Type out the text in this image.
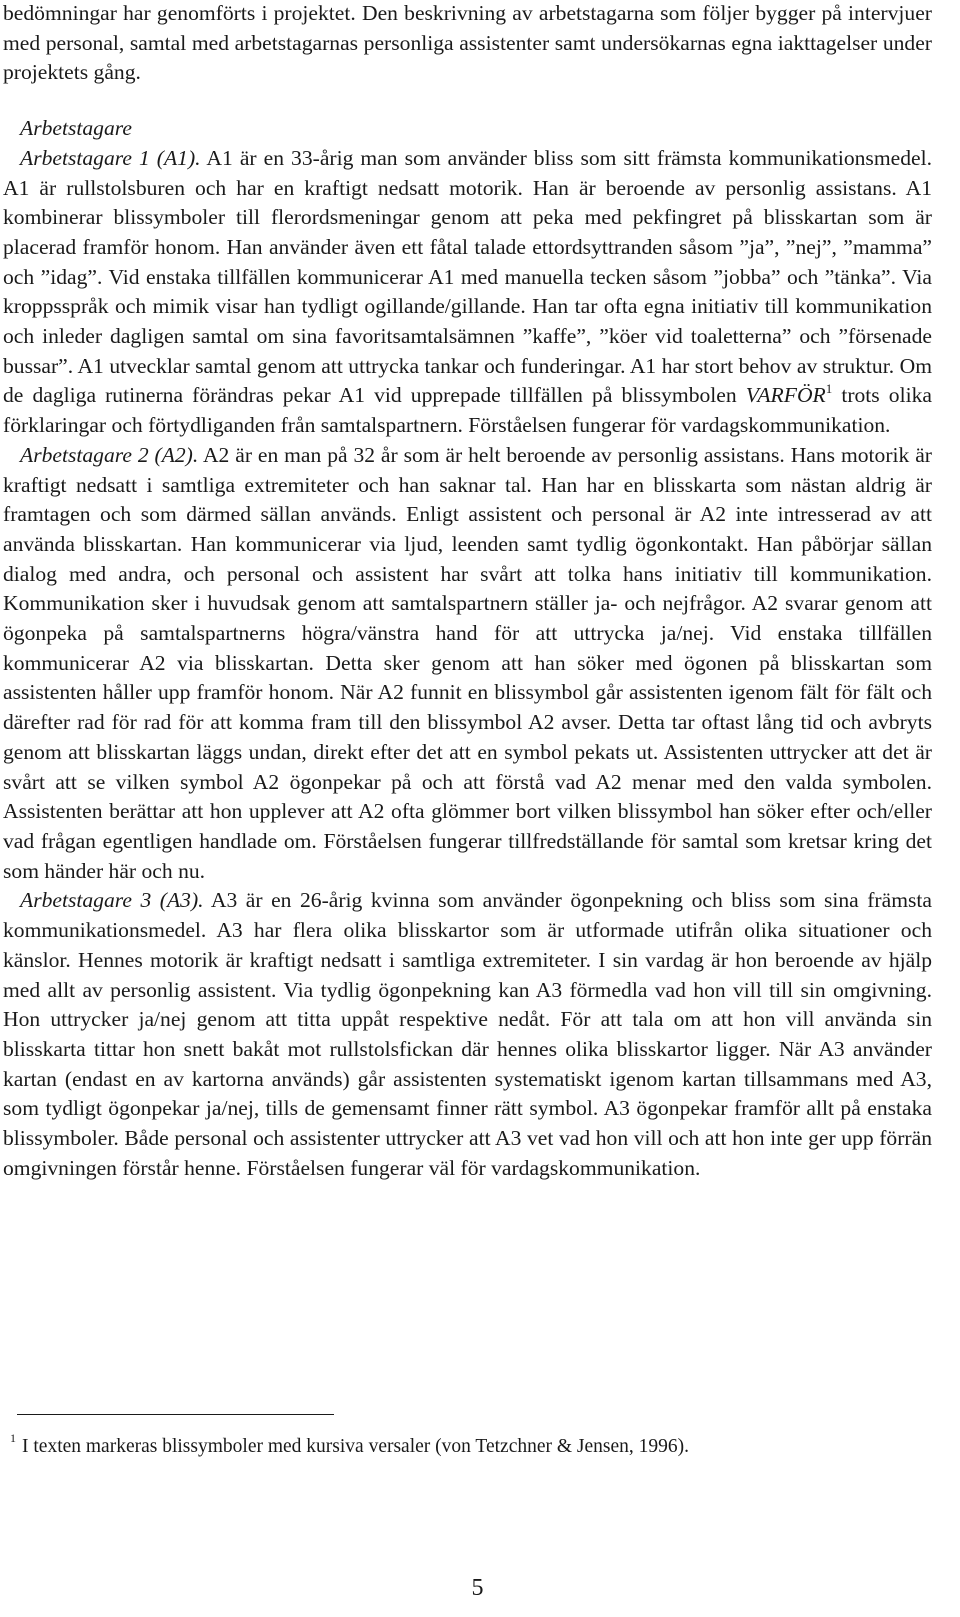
bedömningar har genomförts i projektet. Den beskrivning av arbetstagarna som följer bygger på intervjuer med personal, samtal med arbetstagarnas personliga assistenter samt undersökarnas egna iakttagelser under projektets gång.

Arbetstagare

Arbetstagare 1 (A1). A1 är en 33-årig man som använder bliss som sitt främsta kommunikationsmedel. A1 är rullstolsburen och har en kraftigt nedsatt motorik. Han är beroende av personlig assistans. A1 kombinerar blissymboler till flerordsmeningar genom att peka med pekfingret på blisskartan som är placerad framför honom. Han använder även ett fåtal talade ettordsyttranden såsom ”ja”, ”nej”, ”mamma” och ”idag”. Vid enstaka tillfällen kommunicerar A1 med manuella tecken såsom ”jobba” och ”tänka”. Via kroppsspråk och mimik visar han tydligt ogillande/gillande. Han tar ofta egna initiativ till kommunikation och inleder dagligen samtal om sina favoritsamtalsämnen ”kaffe”, ”köer vid toaletterna” och ”försenade bussar”. A1 utvecklar samtal genom att uttrycka tankar och funderingar. A1 har stort behov av struktur. Om de dagliga rutinerna förändras pekar A1 vid upprepade tillfällen på blissymbolen VARFÖR$^1$ trots olika förklaringar och förtydliganden från samtalspartnern. Förståelsen fungerar för vardagskommunikation.

Arbetstagare 2 (A2). A2 är en man på 32 år som är helt beroende av personlig assistans. Hans motorik är kraftigt nedsatt i samtliga extremiteter och han saknar tal. Han har en blisskarta som nästan aldrig är framtagen och som därmed sällan används. Enligt assistent och personal är A2 inte intresserad av att använda blisskartan. Han kommunicerar via ljud, leenden samt tydlig ögonkontakt. Han påbörjar sällan dialog med andra, och personal och assistent har svårt att tolka hans initiativ till kommunikation. Kommunikation sker i huvudsak genom att samtalspartnern ställer ja- och nejfrågor. A2 svarar genom att ögonpeka på samtalspartnerns högra/vänstra hand för att uttrycka ja/nej. Vid enstaka tillfällen kommunicerar A2 via blisskartan. Detta sker genom att han söker med ögonen på blisskartan som assistenten håller upp framför honom. När A2 funnit en blissymbol går assistenten igenom fält för fält och därefter rad för rad för att komma fram till den blissymbol A2 avser. Detta tar oftast lång tid och avbryts genom att blisskartan läggs undan, direkt efter det att en symbol pekats ut. Assistenten uttrycker att det är svårt att se vilken symbol A2 ögonpekar på och att förstå vad A2 menar med den valda symbolen. Assistenten berättar att hon upplever att A2 ofta glömmer bort vilken blissymbol han söker efter och/eller vad frågan egentligen handlade om. Förståelsen fungerar tillfredställande för samtal som kretsar kring det som händer här och nu.

Arbetstagare 3 (A3). A3 är en 26-årig kvinna som använder ögonpekning och bliss som sina främsta kommunikationsmedel. A3 har flera olika blisskartor som är utformade utifrån olika situationer och känslor. Hennes motorik är kraftigt nedsatt i samtliga extremiteter. I sin vardag är hon beroende av hjälp med allt av personlig assistent. Via tydlig ögonpekning kan A3 förmedla vad hon vill till sin omgivning. Hon uttrycker ja/nej genom att titta uppåt respektive nedåt. För att tala om att hon vill använda sin blisskarta tittar hon snett bakåt mot rullstolsfickan där hennes olika blisskartor ligger. När A3 använder kartan (endast en av kartorna används) går assistenten systematiskt igenom kartan tillsammans med A3, som tydligt ögonpekar ja/nej, tills de gemensamt finner rätt symbol. A3 ögonpekar framför allt på enstaka blissymboler. Både personal och assistenter uttrycker att A3 vet vad hon vill och att hon inte ger upp förrän omgivningen förstår henne. Förståelsen fungerar väl för vardagskommunikation.

$^1$ I texten markeras blissymboler med kursiva versaler (von Tetzchner & Jensen, 1996).

5
